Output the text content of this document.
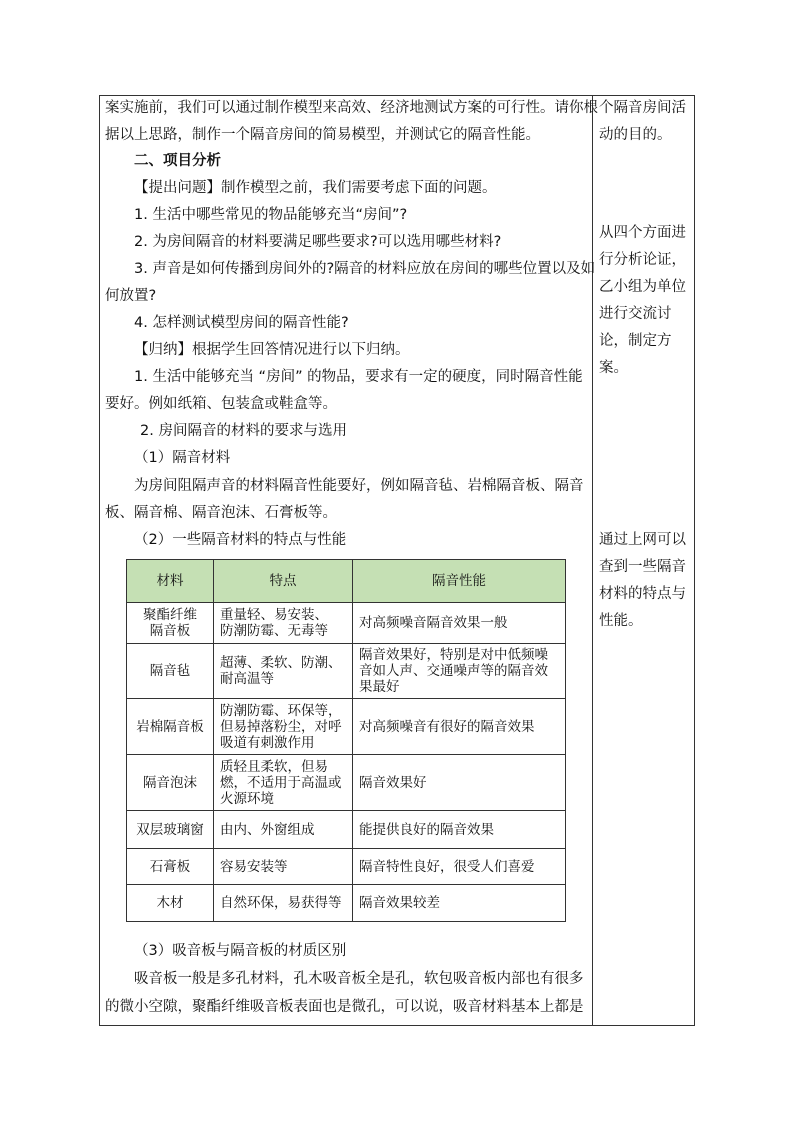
案实施前，我们可以通过制作模型来高效、经济地测试方案的可行性。请你根
据以上思路，制作一个隔音房间的简易模型，并测试它的隔音性能。
二、项目分析
【提出问题】制作模型之前，我们需要考虑下面的问题。
1. 生活中哪些常见的物品能够充当“房间”?
2. 为房间隔音的材料要满足哪些要求?可以选用哪些材料?
3. 声音是如何传播到房间外的?隔音的材料应放在房间的哪些位置以及如
何放置?
4. 怎样测试模型房间的隔音性能?
【归纳】根据学生回答情况进行以下归纳。
1. 生活中能够充当 “房间” 的物品，要求有一定的硬度，同时隔音性能
要好。例如纸箱、包装盒或鞋盒等。
2. 房间隔音的材料的要求与选用
（1）隔音材料
为房间阻隔声音的材料隔音性能要好，例如隔音毡、岩棉隔音板、隔音
板、隔音棉、隔音泡沫、石膏板等。
（2）一些隔音材料的特点与性能
材料	特点	隔音性能
聚酯纤维
隔音板	重量轻、易安装、
防潮防霉、无毒等	对高频噪音隔音效果一般
隔音毡	超薄、柔软、防潮、
耐高温等	隔音效果好，特别是对中低频噪
音如人声、交通噪声等的隔音效
果最好
岩棉隔音板	防潮防霉、环保等，
但易掉落粉尘，对呼
吸道有刺激作用	对高频噪音有很好的隔音效果
隔音泡沫	质轻且柔软，但易
燃，不适用于高温或
火源环境	隔音效果好
双层玻璃窗	由内、外窗组成	能提供良好的隔音效果
石膏板	容易安装等	隔音特性良好，很受人们喜爱
木材	自然环保，易获得等	隔音效果较差
（3）吸音板与隔音板的材质区别
吸音板一般是多孔材料，孔木吸音板全是孔，软包吸音板内部也有很多
的微小空隙，聚酯纤维吸音板表面也是微孔，可以说，吸音材料基本上都是
个隔音房间活
动的目的。
从四个方面进
行分析论证，
乙小组为单位
进行交流讨
论，制定方
案。
通过上网可以
查到一些隔音
材料的特点与
性能。
